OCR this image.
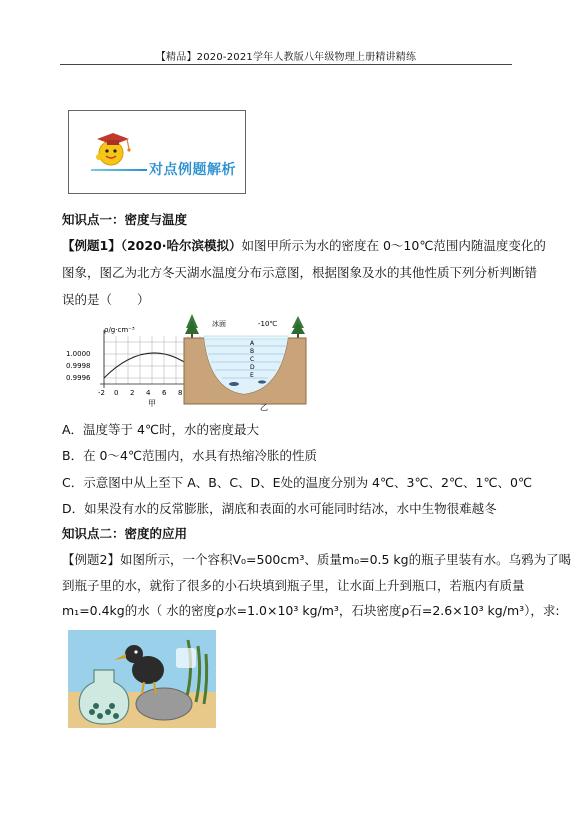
【精品】2020-2021学年人教版八年级物理上册精讲精练
对点例题解析
知识点一：密度与温度
【例题1】（2020·哈尔滨模拟）如图甲所示为水的密度在 0～10℃范围内随温度变化的
图象，图乙为北方冬天湖水温度分布示意图，根据图象及水的其他性质下列分析判断错
误的是（　　）
ρ/g·cm⁻³
1.0000
0.9998
0.9996
-2 0 2 4 6 8
甲
冰面	-10℃
A
B
C
D
E
乙
A．温度等于 4℃时，水的密度最大
B．在 0～4℃范围内，水具有热缩冷胀的性质
C．示意图中从上至下 A、B、C、D、E处的温度分别为 4℃、3℃、2℃、1℃、0℃
D．如果没有水的反常膨胀，湖底和表面的水可能同时结冰，水中生物很难越冬
知识点二：密度的应用
【例题2】如图所示，一个容积V₀=500cm³、质量m₀=0.5 kg的瓶子里装有水。乌鸦为了喝
到瓶子里的水，就衔了很多的小石块填到瓶子里，让水面上升到瓶口，若瓶内有质量
m₁=0.4kg的水（ 水的密度ρ水=1.0×10³ kg/m³，石块密度ρ石=2.6×10³ kg/m³），求:
